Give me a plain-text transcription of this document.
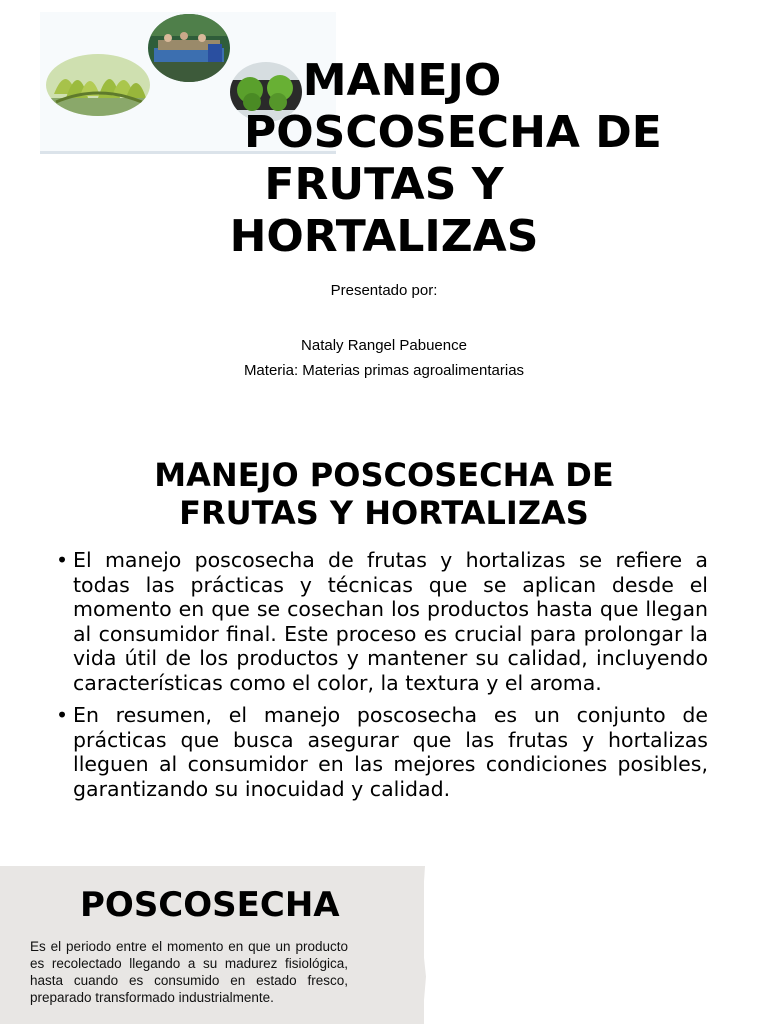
MANEJO
POSCOSECHA DE
FRUTAS Y
HORTALIZAS

Presentado por:

Nataly Rangel Pabuence

Materia: Materias primas agroalimentarias

MANEJO POSCOSECHA DE
FRUTAS Y HORTALIZAS
• El manejo poscosecha de frutas y hortalizas se refiere a todas las prácticas y técnicas que se aplican desde el momento en que se cosechan los productos hasta que llegan al consumidor final. Este proceso es crucial para prolongar la vida útil de los productos y mantener su calidad, incluyendo características como el color, la textura y el aroma.
• En resumen, el manejo poscosecha es un conjunto de prácticas que busca asegurar que las frutas y hortalizas lleguen al consumidor en las mejores condiciones posibles, garantizando su inocuidad y calidad.
POSCOSECHA

Es el periodo entre el momento en que un producto es recolectado llegando a su madurez fisiológica, hasta cuando es consumido en estado fresco, preparado transformado industrialmente.
